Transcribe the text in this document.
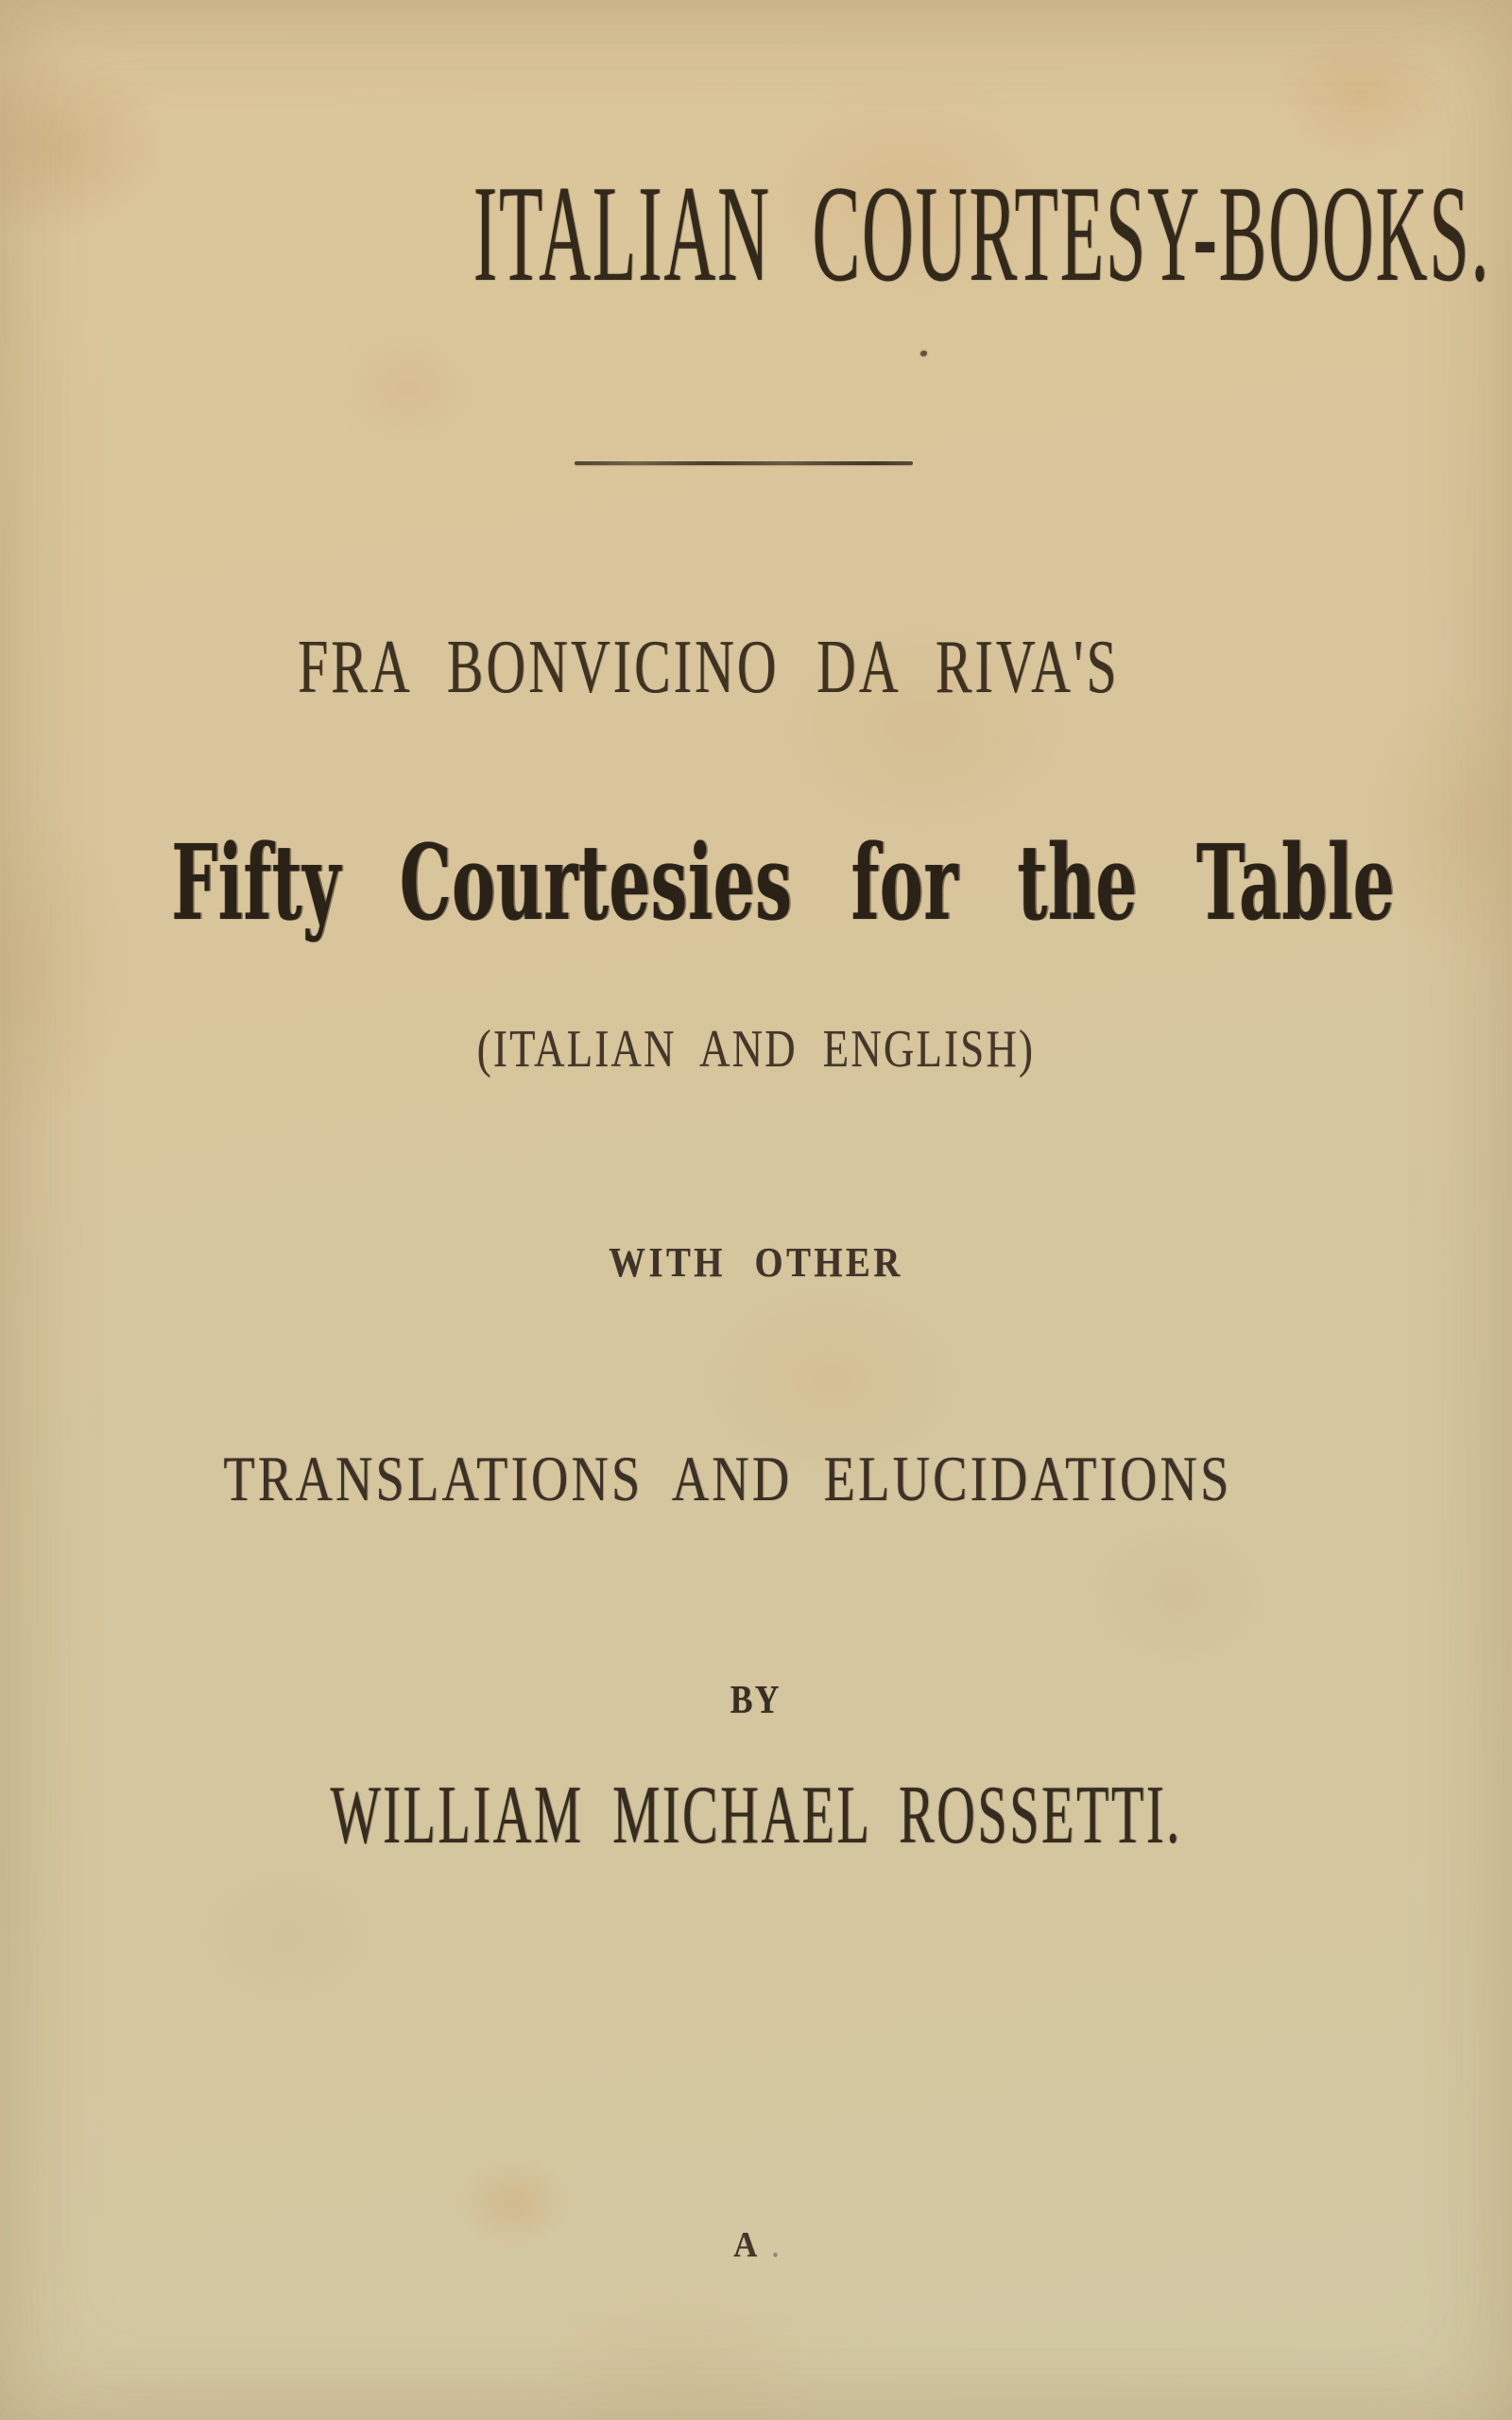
ITALIAN COURTESY-BOOKS.
FRA BONVICINO DA RIVA'S
Fifty Courtesies for the Table
(ITALIAN AND ENGLISH)
WITH OTHER
TRANSLATIONS AND ELUCIDATIONS
BY
WILLIAM MICHAEL ROSSETTI.
A .
